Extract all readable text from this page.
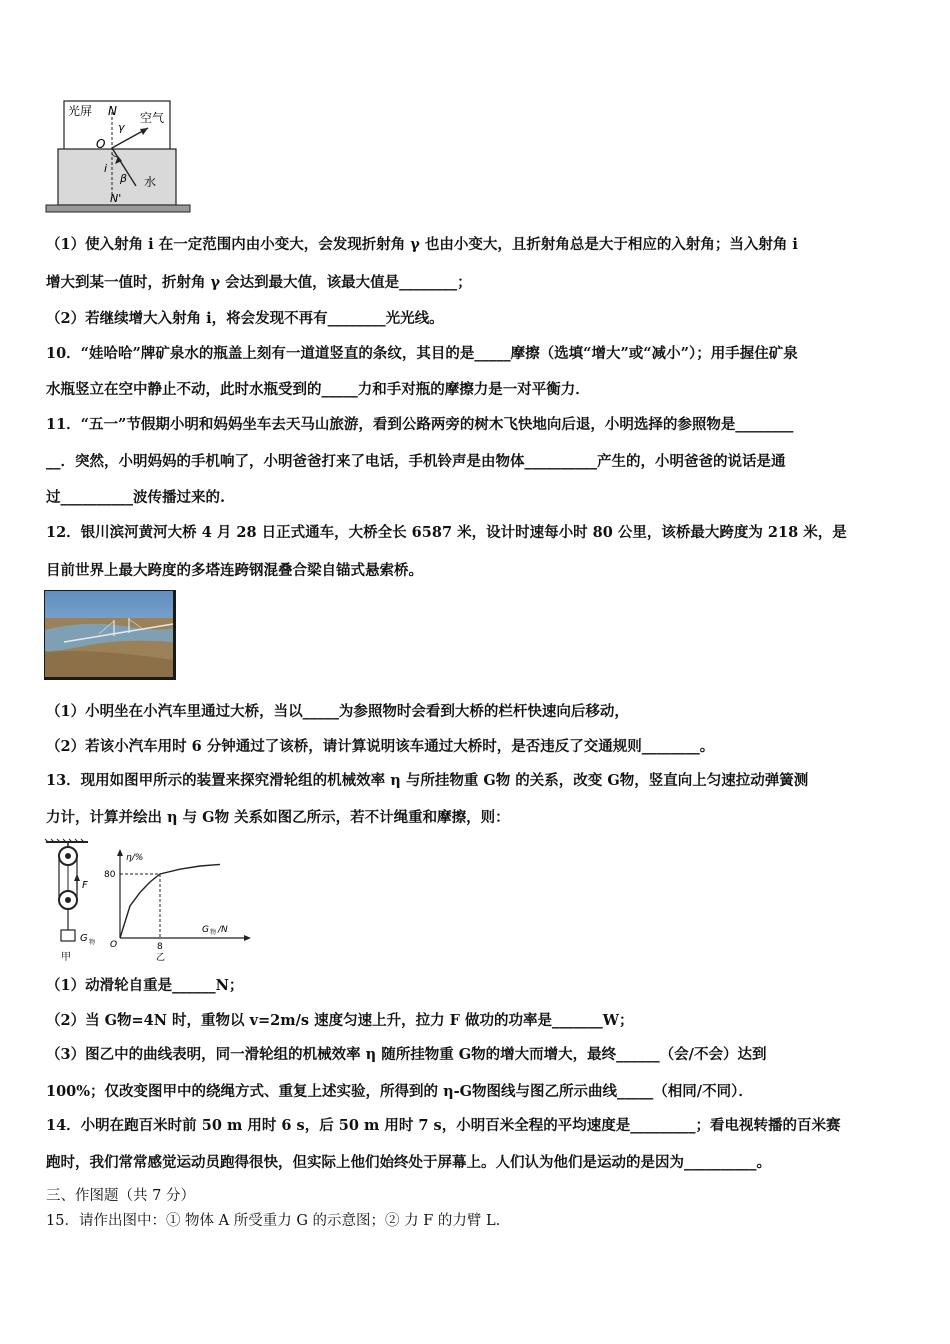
光屏 N
γ
空气
O
i
β 水
N'
（1）使入射角 i 在一定范围内由小变大，会发现折射角 γ 也由小变大，且折射角总是大于相应的入射角；当入射角 i
增大到某一值时，折射角 γ 会达到最大值，该最大值是________；
（2）若继续增大入射角 i，将会发现不再有________光光线。
10．“娃哈哈”牌矿泉水的瓶盖上刻有一道道竖直的条纹，其目的是_____摩擦（选填“增大”或“减小”）；用手握住矿泉
水瓶竖立在空中静止不动，此时水瓶受到的_____力和手对瓶的摩擦力是一对平衡力．
11．“五一”节假期小明和妈妈坐车去天马山旅游，看到公路两旁的树木飞快地向后退，小明选择的参照物是________
__．突然，小明妈妈的手机响了，小明爸爸打来了电话，手机铃声是由物体__________产生的，小明爸爸的说话是通
过__________波传播过来的.
12．银川滨河黄河大桥 4 月 28 日正式通车，大桥全长 6587 米，设计时速每小时 80 公里，该桥最大跨度为 218 米，是
目前世界上最大跨度的多塔连跨钢混叠合梁自锚式悬索桥。
（1）小明坐在小汽车里通过大桥，当以_____为参照物时会看到大桥的栏杆快速向后移动，
（2）若该小汽车用时 6 分钟通过了该桥，请计算说明该车通过大桥时，是否违反了交通规则________。
13．现用如图甲所示的装置来探究滑轮组的机械效率 η 与所挂物重 G物 的关系，改变 G物，竖直向上匀速拉动弹簧测
力计，计算并绘出 η 与 G物 关系如图乙所示，若不计绳重和摩擦，则：
F
G 物
甲
η/%
80
G 物 /N
O	8
乙
（1）动滑轮自重是______N；
（2）当 G物=4N 时，重物以 v=2m/s 速度匀速上升，拉力 F 做功的功率是_______W；
（3）图乙中的曲线表明，同一滑轮组的机械效率 η 随所挂物重 G物的增大而增大，最终______（会/不会）达到
100%；仅改变图甲中的绕绳方式、重复上述实验，所得到的 η-G物图线与图乙所示曲线_____（相同/不同）．
14．小明在跑百米时前 50 m 用时 6 s，后 50 m 用时 7 s，小明百米全程的平均速度是_________；看电视转播的百米赛
跑时，我们常常感觉运动员跑得很快，但实际上他们始终处于屏幕上。人们认为他们是运动的是因为__________。
三、作图题（共 7 分）
15．请作出图中：① 物体 A 所受重力 G 的示意图；② 力 F 的力臂 L.
